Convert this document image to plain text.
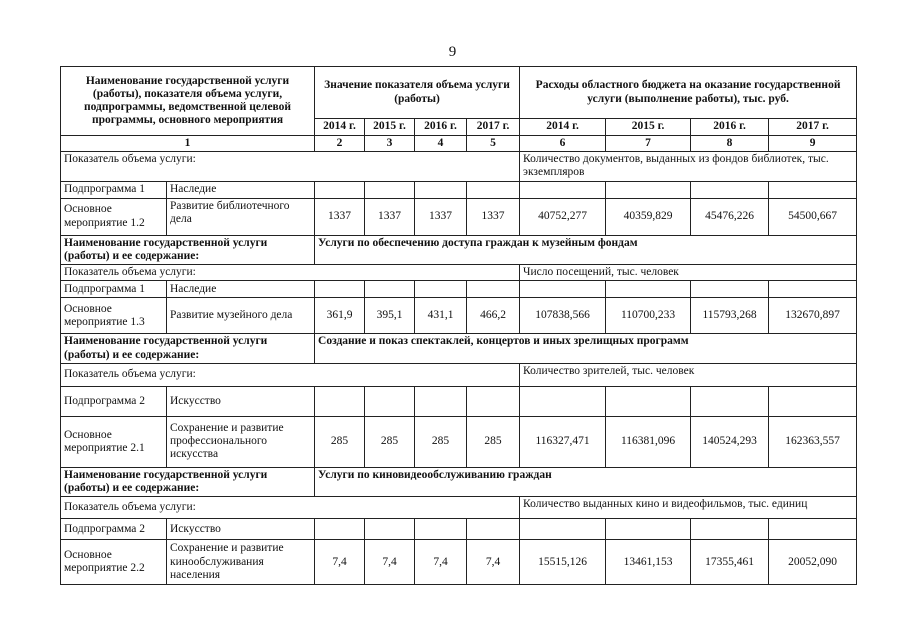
9
Наименование государственной услуги (работы), показателя объема услуги, подпрограммы, ведомственной целевой программы, основного мероприятия		Значение показателя объема услуги (работы)				Расходы областного бюджета на оказание государственной услуги (выполнение работы), тыс. руб.			
		2014 г.	2015 г.	2016 г.	2017 г.	2014 г.	2015 г.	2016 г.	2017 г.
1		2	3	4	5	6	7	8	9
Показатель объема услуги:						Количество документов, выданных из фондов библиотек, тыс. экземпляров			
Подпрограмма 1	Наследие								
Основное мероприятие 1.2	Развитие библиотечного дела	1337	1337	1337	1337	40752,277	40359,829	45476,226	54500,667
Наименование государственной услуги (работы) и ее содержание:		Услуги по обеспечению доступа граждан к музейным фондам							
Показатель объема услуги:						Число посещений, тыс. человек			
Подпрограмма 1	Наследие								
Основное мероприятие 1.3	Развитие музейного дела	361,9	395,1	431,1	466,2	107838,566	110700,233	115793,268	132670,897
Наименование государственной услуги (работы) и ее содержание:		Создание и показ спектаклей, концертов и иных зрелищных программ							
Показатель объема услуги:						Количество зрителей, тыс. человек			
Подпрограмма 2	Искусство								
Основное мероприятие 2.1	Сохранение и развитие профессионального искусства	285	285	285	285	116327,471	116381,096	140524,293	162363,557
Наименование государственной услуги (работы) и ее содержание:		Услуги по киновидеообслуживанию граждан							
Показатель объема услуги:						Количество выданных кино и видеофильмов, тыс. единиц			
Подпрограмма 2	Искусство								
Основное мероприятие 2.2	Сохранение и развитие кинообслуживания населения	7,4	7,4	7,4	7,4	15515,126	13461,153	17355,461	20052,090
